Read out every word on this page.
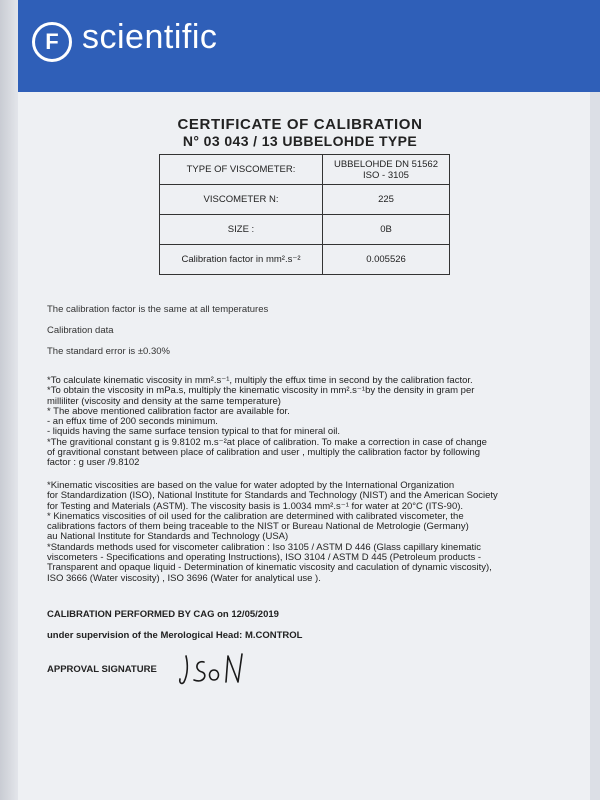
F scientific
CERTIFICATE OF CALIBRATION
N° 03 043 / 13 UBBELOHDE TYPE
TYPE OF VISCOMETER:	UBBELOHDE DN 51562
ISO - 3105

VISCOMETER N:	225
SIZE :	0B
Calibration factor in mm².s⁻²	0.005526
The calibration factor is the same at all temperatures
Calibration data
The standard error is ±0.30%
*To calculate kinematic viscosity in mm².s⁻¹, multiply the effux time in second by the calibration factor.
*To obtain the viscosity in mPa.s, multiply the kinematic viscosity in mm².s⁻¹by the density in gram per
milliliter (viscosity and density at the same temperature)
* The above mentioned calibration factor are available for.
- an effux time of 200 seconds minimum.
- liquids having the same surface tension typical to that for mineral oil.
*The gravitional constant g is 9.8102 m.s⁻²at place of calibration. To make a correction in case of change
of gravitional constant between place of calibration and user , multiply the calibration factor by following
factor : g user /9.8102
*Kinematic viscosities are based on the value for water adopted by the International Organization
for Standardization (ISO), National Institute for Standards and Technology (NIST) and the American Society
for Testing and Materials (ASTM). The viscosity basis is 1.0034 mm².s⁻¹ for water at 20°C (ITS-90).
* Kinematics viscosities of oil used for the calibration are determined with calibrated viscometer, the
calibrations factors of them being traceable to the NIST or Bureau National de Metrologie (Germany)
au National Institute for Standards and Technology (USA)
*Standards methods used for viscometer calibration : Iso 3105 / ASTM D 446 (Glass capillary kinematic
viscometers - Specifications and operating Instructions), ISO 3104 / ASTM D 445 (Petroleum products -
Transparent and opaque liquid - Determination of kinematic viscosity and caculation of dynamic viscosity),
ISO 3666 (Water viscosity) , ISO 3696 (Water for analytical use ).
CALIBRATION PERFORMED BY CAG on 12/05/2019
under supervision of the Merological Head: M.CONTROL
APPROVAL SIGNATURE
